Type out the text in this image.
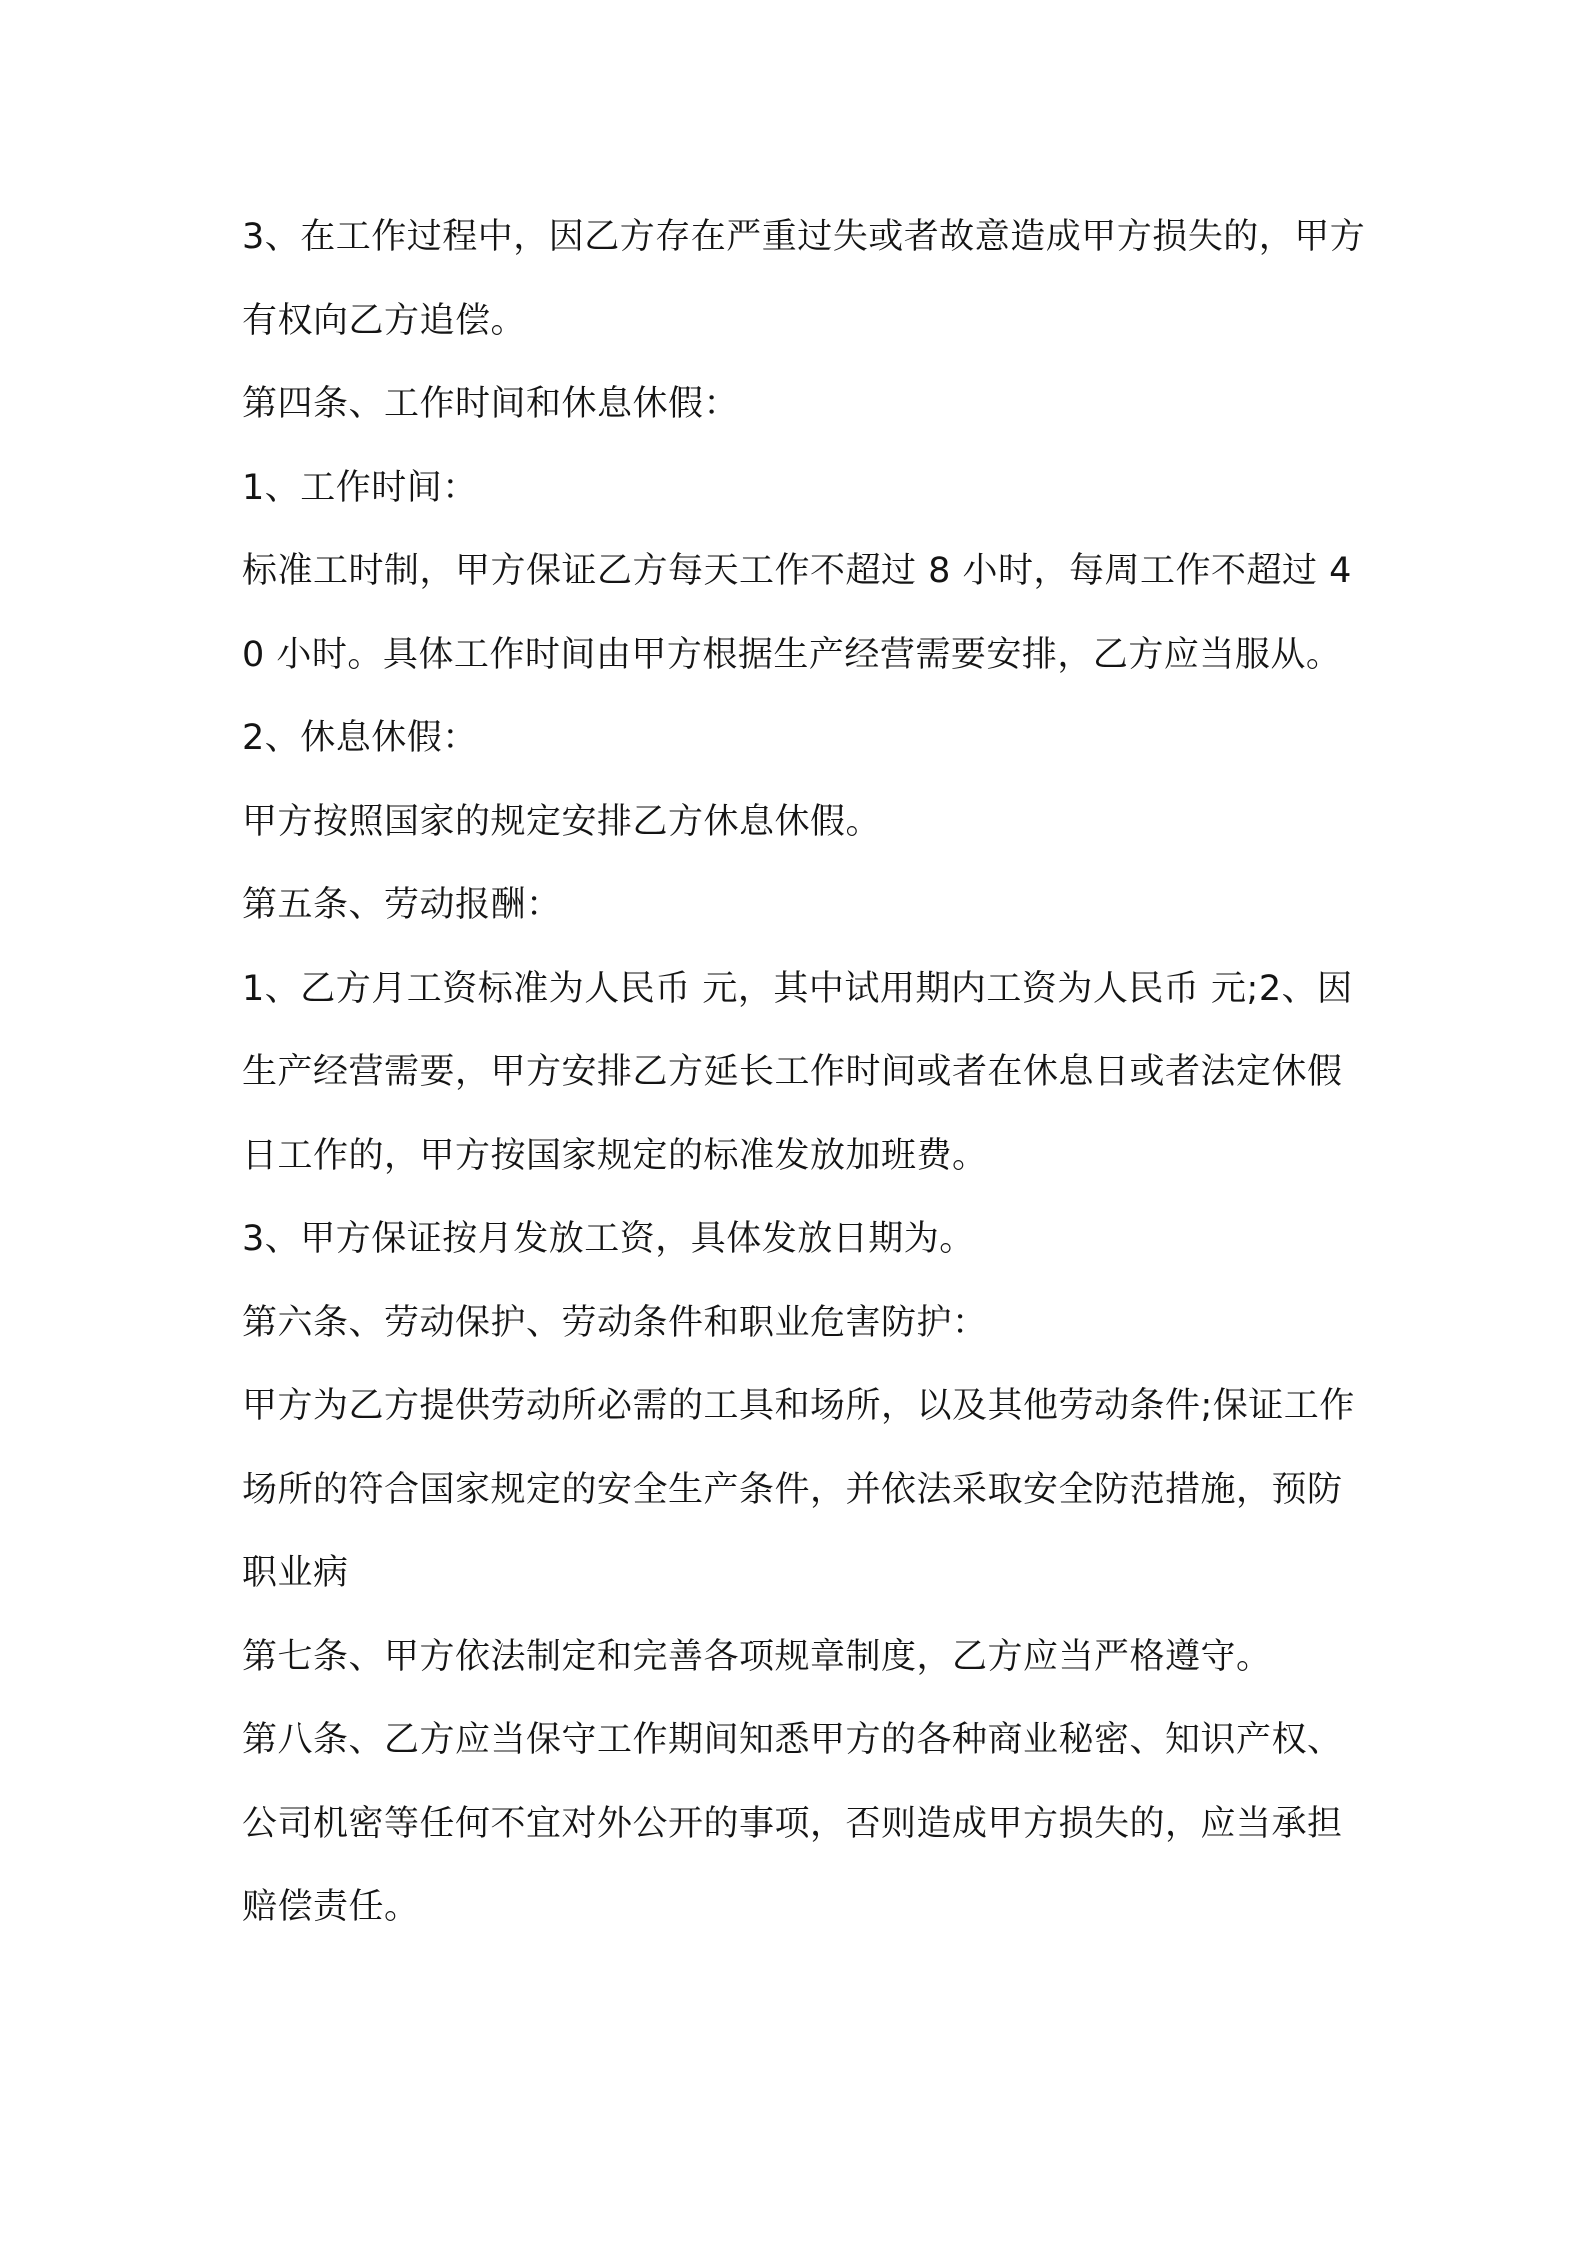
3、在工作过程中，因乙方存在严重过失或者故意造成甲方损失的，甲方有权向乙方追偿。

第四条、工作时间和休息休假：

1、工作时间：

标准工时制，甲方保证乙方每天工作不超过 8 小时，每周工作不超过 40 小时。具体工作时间由甲方根据生产经营需要安排，乙方应当服从。

2、休息休假：

甲方按照国家的规定安排乙方休息休假。

第五条、劳动报酬：

1、乙方月工资标准为人民币 元，其中试用期内工资为人民币 元;2、因生产经营需要，甲方安排乙方延长工作时间或者在休息日或者法定休假日工作的，甲方按国家规定的标准发放加班费。

3、甲方保证按月发放工资，具体发放日期为。

第六条、劳动保护、劳动条件和职业危害防护：

甲方为乙方提供劳动所必需的工具和场所，以及其他劳动条件;保证工作场所的符合国家规定的安全生产条件，并依法采取安全防范措施，预防职业病

第七条、甲方依法制定和完善各项规章制度，乙方应当严格遵守。

第八条、乙方应当保守工作期间知悉甲方的各种商业秘密、知识产权、公司机密等任何不宜对外公开的事项，否则造成甲方损失的，应当承担赔偿责任。
